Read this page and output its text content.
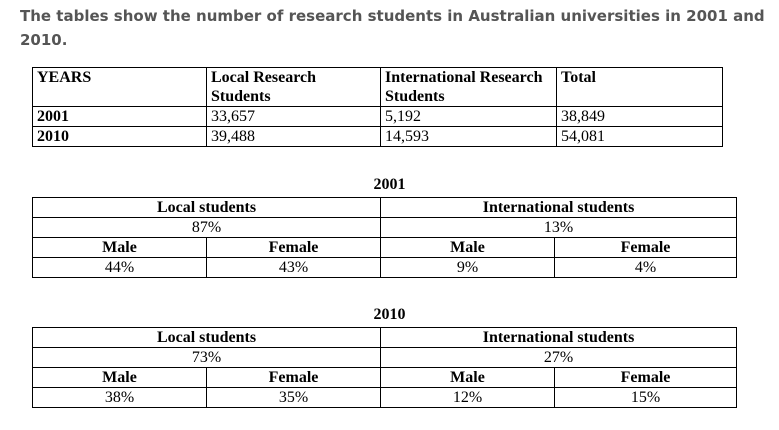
The tables show the number of research students in Australian universities in 2001 and 2010.
YEARS	Local Research Students	International Research Students	Total
2001	33,657	5,192	38,849
2010	39,488	14,593	54,081
2001
Local students		International students	
87%		13%	
Male	Female	Male	Female
44%	43%	9%	4%
2010
Local students		International students	
73%		27%	
Male	Female	Male	Female
38%	35%	12%	15%
